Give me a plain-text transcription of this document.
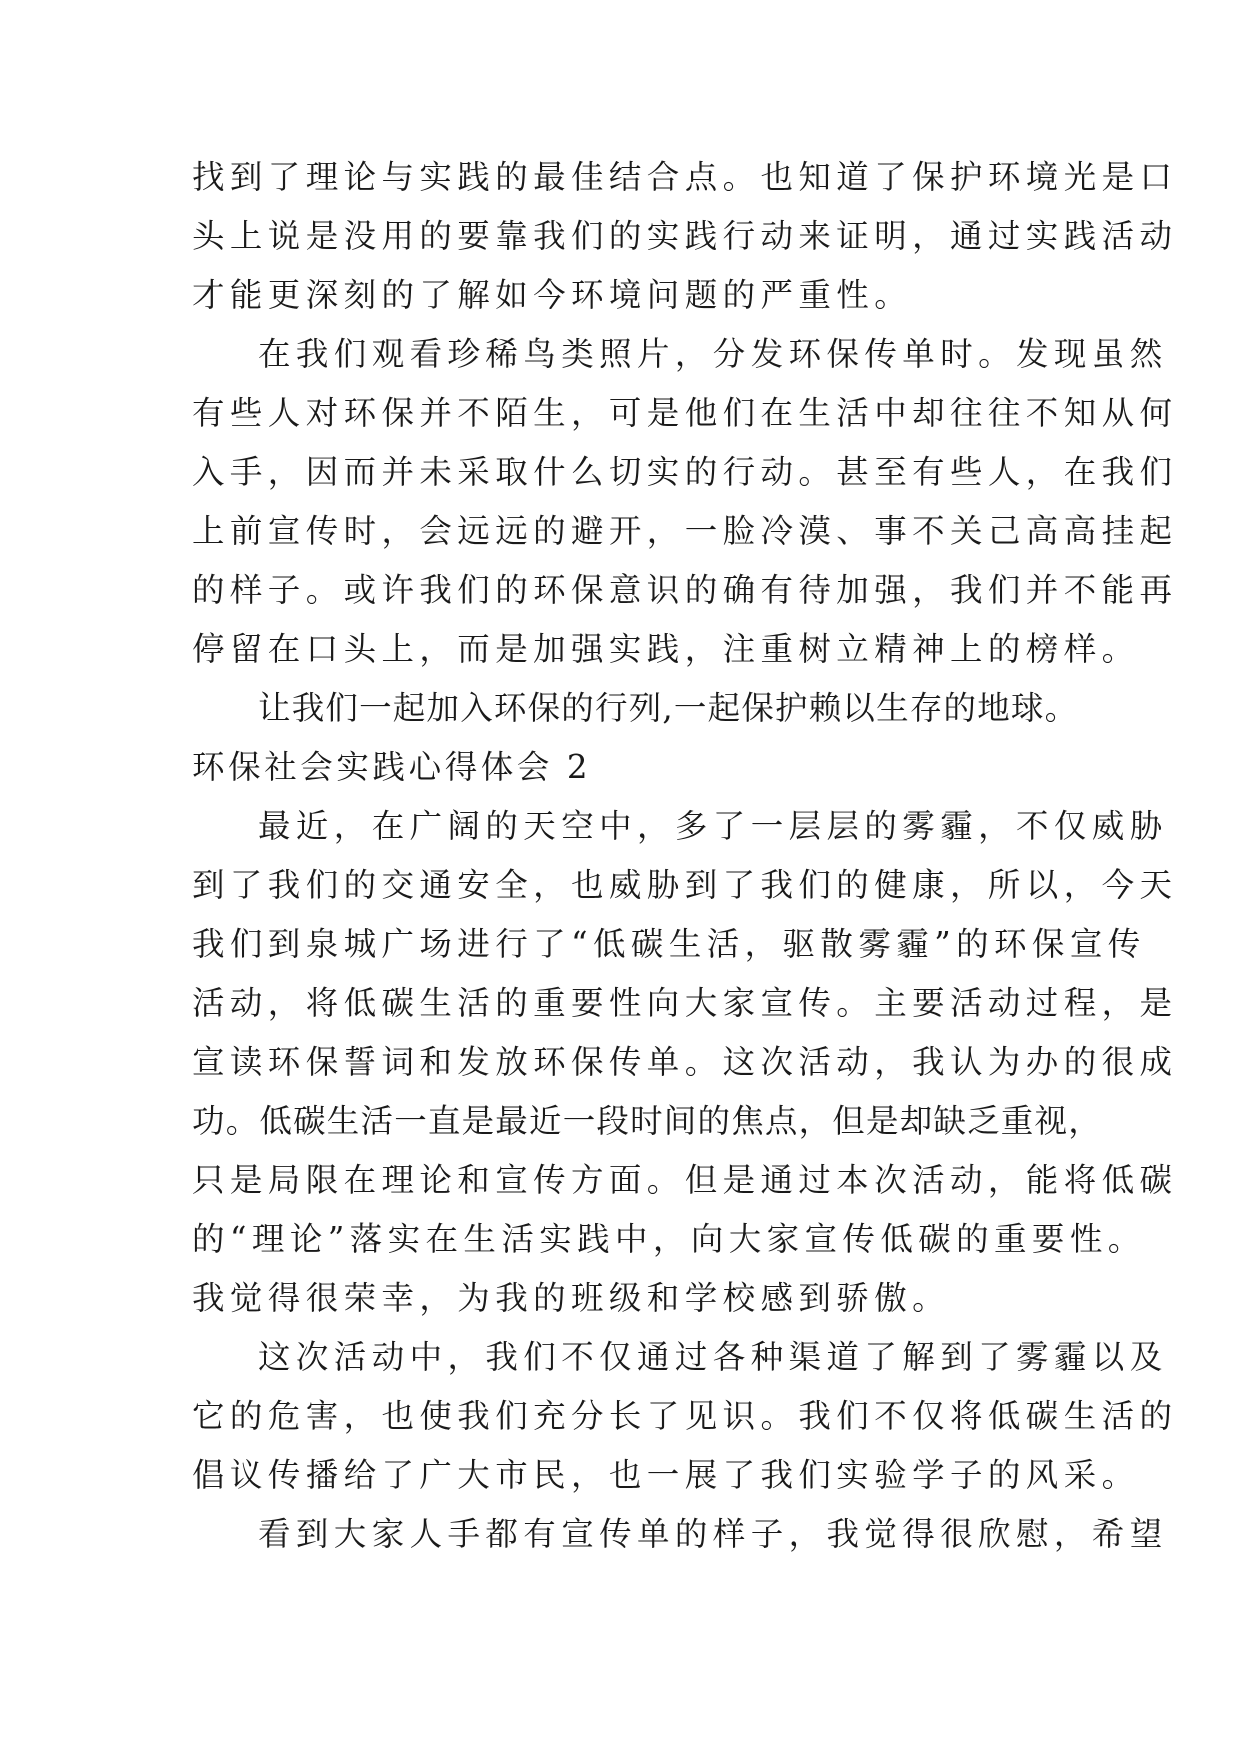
找到了理论与实践的最佳结合点。也知道了保护环境光是口
头上说是没用的要靠我们的实践行动来证明，通过实践活动
才能更深刻的了解如今环境问题的严重性。
在我们观看珍稀鸟类照片，分发环保传单时。发现虽然
有些人对环保并不陌生，可是他们在生活中却往往不知从何
入手，因而并未采取什么切实的行动。甚至有些人，在我们
上前宣传时，会远远的避开，一脸冷漠、事不关己高高挂起
的样子。或许我们的环保意识的确有待加强，我们并不能再
停留在口头上，而是加强实践，注重树立精神上的榜样。
让我们一起加入环保的行列,一起保护赖以生存的地球。
环保社会实践心得体会 2
最近，在广阔的天空中，多了一层层的雾霾，不仅威胁
到了我们的交通安全，也威胁到了我们的健康，所以，今天
我们到泉城广场进行了“低碳生活，驱散雾霾”的环保宣传
活动，将低碳生活的重要性向大家宣传。主要活动过程，是
宣读环保誓词和发放环保传单。这次活动，我认为办的很成
功。低碳生活一直是最近一段时间的焦点，但是却缺乏重视，
只是局限在理论和宣传方面。但是通过本次活动，能将低碳
的“理论”落实在生活实践中，向大家宣传低碳的重要性。
我觉得很荣幸，为我的班级和学校感到骄傲。
这次活动中，我们不仅通过各种渠道了解到了雾霾以及
它的危害，也使我们充分长了见识。我们不仅将低碳生活的
倡议传播给了广大市民，也一展了我们实验学子的风采。
看到大家人手都有宣传单的样子，我觉得很欣慰，希望
